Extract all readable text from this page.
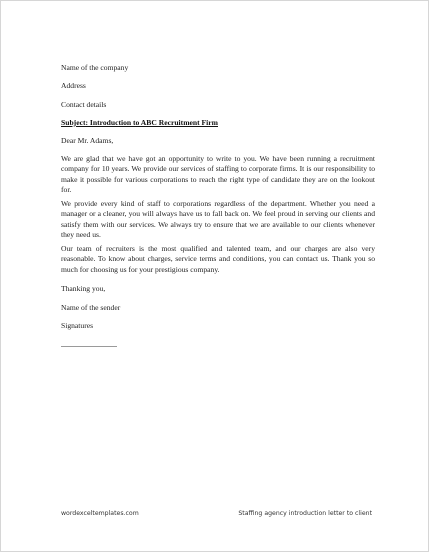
Name of the company
Address
Contact details
Subject: Introduction to ABC Recruitment Firm
Dear Mr. Adams,
We are glad that we have got an opportunity to write to you. We have been running a recruitment company for 10 years. We provide our services of staffing to corporate firms. It is our responsibility to make it possible for various corporations to reach the right type of candidate they are on the lookout for.
We provide every kind of staff to corporations regardless of the department. Whether you need a manager or a cleaner, you will always have us to fall back on. We feel proud in serving our clients and satisfy them with our services. We always try to ensure that we are available to our clients whenever they need us.
Our team of recruiters is the most qualified and talented team, and our charges are also very reasonable. To know about charges, service terms and conditions, you can contact us. Thank you so much for choosing us for your prestigious company.
Thanking you,
Name of the sender
Signatures
wordexceltemplates.com	Staffing agency introduction letter to client
